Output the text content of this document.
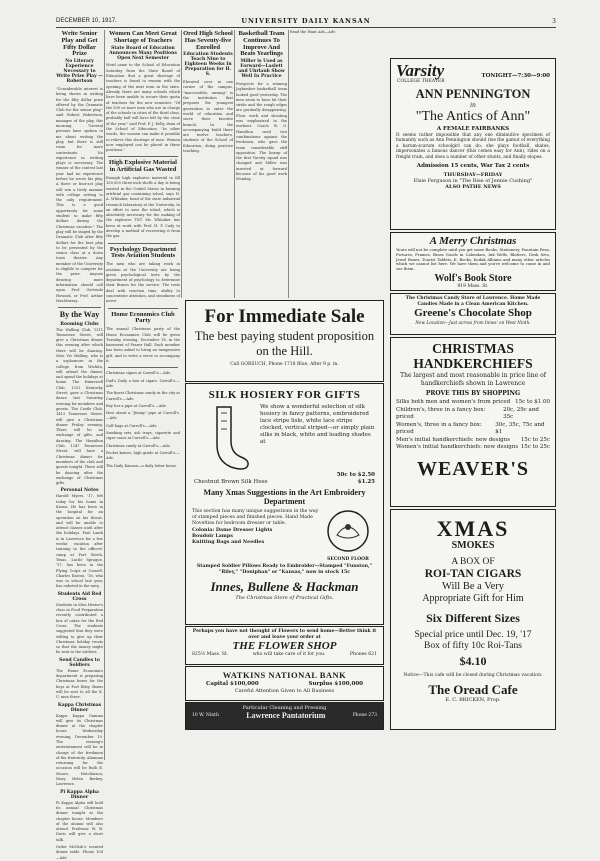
DECEMBER 10, 1917.	UNIVERSITY DAILY KANSAN	3
Write Senior Play and Get Fifty Dollar Prize
No Literary Experience Necessary to Write Prize Play —Robertson

"Considerable interest is being shown in writing for the fifty dollar prize offered by the Dramatic Club for the senior play," said Robert Robertson, manager of the play, this morning. "Several persons have spoken to me about writing the play, but there is still room for more contestants. No experience in writing plays is necessary. The winner of the contest last year had no experience before he wrote his play. A three or four-act play will win a lively manner with college setting to the only requirement. This is a good opportunity for some student to make fifty dollars during the Christmas vacation." The play will be staged by the Dramatic Club after fifty dollars for the best play to be presented by the senior class at a down town theater. Any member of the University is eligible to compete for the prize. Anyone desiring more information should call upon Prof. Gertrude Howard, or Prof. Arthur MacMurray.

By the Way
Rooming Clubs

The Walling Club, 1311 Tennessee Street, will give a Christmas dinner this evening after which there will be dancing. Miss Viv Walling, who is a sophomore in the college, from Wichita, will attend the dinner, and spend the holidays at home. The Hinnewell Club, 1312 Kentucky Street, gave a Christmas dance last Saturday evening for members and guests. The Castle Club, 1413 Tennessee Street, will give a Christmas dinner Friday evening. There will be an exchange of gifts, and dancing. The Hamilton Club, 1247 Tennessee Street, will have a Christmas dinner for members of the club and guests tonight. There will be dancing after the exchange of Christmas gifts.

Personal Notes

Harold Myers, '17, left today for his home in Kiowa. He has been in the hospital for an operation on his throat, and will be unable to attend classes until after the holidays. Paul Lamb is in Lawrence for a few weeks' vacation after training in the officers' camp at Fort Worth, Texas. Lucile Sprague, '17, has been in the Flying Corps at Cornell. Charles Easton, '18, who was in school last year, has enlisted in the navy.

Students Aid Red Cross

Students in Miss Hester's class in Food Preparation recently contributed a box of cakes for the Red Cross. The students suggested that they were willing to give up their Christmas holiday treats so that the money might be sent to the soldiers.

Send Candies to Soldiers

The Home Economics department is preparing Christmas boxes for the boys at Fort Riley. Boxes will be sent to all the K. U. men there.

Kappa Christmas Dinner

Kappa Kappa Gamma will give its Christmas dinner at the chapter house Wednesday evening, December 19. The evening's entertainment will be in charge of the freshmen of the fraternity. Alumnae returning for the occasion will be Ruth E. Moore, Hutchinson; Mary Helen Berkey, Lawrence.

Pi Kappa Alpha Dinner

Pi Kappa Alpha will hold its annual Christmas dinner tonight at the chapter house. Members of the alumni will also attend. Professor W. W. Davis will give a short talk.

Order McNish's scented dinner table. Phone 108—Adv.

Women Can Meet Great Shortage of Teachers
State Board of Education Announces Many Positions Open Next Semester

Word came to the School of Education Saturday from the State Board of Education that a great shortage of teachers is found to remain with the opening of the next term in the state. Already there are many schools which have been unable to secure their quota of teachers for the new semester. "Of the 500 or more men who are in charge of the schools in cities of the third class, probably half will have left by the close of the year," said Prof. F. J. Kelly, dean of the School of Education. "In other words, the women can make it possible to relieve this shortage of men. Women now employed can be placed in these positions."

High Explosive Material in Artificial Gas Wasted

Enough high explosive material to fill 150,000 three-inch shells a day is being wasted in the United States in burning artificial gas containing toluol, says H. A. Whitaker, head of the state industrial research laboratory at the University. In an effort to save the toluol, which is absolutely necessary for the making of the explosive TNT, Mr. Whitaker has been at work with Prof. H. P. Cady to develop a method of recovering it from the gas.

Psychology Department Tests Aviation Students

The men who are taking work in aviation at the University are being given psychological tests by the department of psychology to determine their fitness for the service. The tests deal with reaction time, ability to concentrate attention, and steadiness of nerve.

Home Economics Club Party

The annual Christmas party of the Home Economics Club will be given Tuesday evening, December 18, in the basement of Fraser Hall. Each member has been asked to bring an inexpensive gift, and to write a verse to accompany it.

Christmas cigars at Carroll's.—Adv.

Dad's Daily a box of cigars. Carroll's.—Adv.

The finest Christmas candy in the city at Carroll's.—Adv.

Buy her a pipe at Carroll's.—Adv.

How about a "Jimmy" pipe at Carroll's.—Adv.

Golf bags at Carroll's.—Adv.

Smoking sets, ash trays, cigarette and cigar cases at Carroll's.—Adv.

Christmas candy at Carroll's.—Adv.

Pocket knives, high grade at Carroll's.—Adv.

The Daily Kansan—a daily letter home.

Ored High School Has Seventy-five Enrolled
Education Students Teach Nine to Eighteen Weeks In Preparation for H. S.

Elevated over in one corner of the campus, "inaccessible, unsung" is the institution that prepares the youngest generation to enter the world of education and serve their favorite branch. In the accompanying build there are twelve teachers, students of the School of Education, doing practice teaching.

Basketball Team Continues To Improve And Beats Yearlings
Miller is Used as Forward—Laslett and Uhrlaub Show Well In Practice

Prospects for a winning Jayhawker basketball team looked good yesterday. The men seem to have hit their stride and the rough edges are gradually disappearing. Floor work and shooting was emphasized in the workout. Coach W. O. Hamilton used two combinations against the freshmen, who gave the team considerable stiff opposition. The lineup of the first Varsity squad was changed and Miller was inserted at forward because of his good work Monday.

Read the Want Ads—Adv.

For Immediate Sale
The best paying student proposition on the Hill.
Call GORSUCH, Phone 1718 Blue, After 9 p. m.
SILK HOSIERY FOR GIFTS
We show a wonderful selection of silk hosiery in fancy patterns, embroidered lace stripe lisle, white lace stripe clocked, vertical striped—or simply plain silks in black, white and leading shades at
50c to $2.50
Chestnut Brown Silk Hose	$1.25
Many Xmas Suggestions in the Art Embroidery Department
This section has many unique suggestions in the way of stamped pieces and finished pieces. Hand Made Novelties for bedroom dresser or table.
Colonia: Dame Dresser Lights
Boudoir Lamps
Knitting Bags and Needles
SECOND FLOOR
Stamped Soldier Pillows Ready to Embroider—Stamped "Funston," "Riley," "Doniphan" or "Kansas," now in stock 15c
Innes, Bullene & Hackman
The Christmas Store of Practical Gifts.
Perhaps you have not thought of Flowers to send home—Better think it over and leave your order at
THE FLOWER SHOP
825½ Mass. St.	who will take care of it for you.	Phones 621
WATKINS NATIONAL BANK
Capital $100,000	Surplus $100,000
Careful Attention Given to All Business
Particular Cleaning and Pressing
10 W. Ninth	Lawrence Pantatorium	Phone 273
Varsity	TONIGHT—7:30—9:00
COLLEGE THEATER
ANN PENNINGTON
in
"The Antics of Ann"
A FEMALE FAIRBANKS
It seems rather impossible that any one diminutive specimen of humanity such as Ann Pennington should rise the gamut of everything a harum-scarum schoolgirl can do; she plays football, skates, impersonates a famous dancer (this comes easy for Ann), rides on a freight train, and does a number of other stunts, and finally elopes.
Admission 15 cents, War Tax 2 cents
THURSDAY—FRIDAY
Elsie Ferguson in "The Rise of Jennie Cushing"
ALSO PATHE NEWS
A Merry Christmas
Yours will not be complete until you get some Books, Stationery, Fountain Pens, Pictures, Frames, Brass Goods in Calendars, Ink Wells, Blotters, Desk Sets, Jewel Boxes, Tourist Tablets, K. Books, Kodak Albums and many other articles which we cannot list here. We have them and you're welcome to come in and see them.
Wolf's Book Store
919 Mass. St.
The Christmas Candy Store of Lawrence. Home Made Candies Made in a Clean American Kitchen.
Greene's Chocolate Shop
New Location—Just across from Innes' on West Ninth.
CHRISTMAS HANDKERCHIEFS
The largest and most reasonable in price line of handkerchiefs shown in Lawrence
PROVE THIS BY SHOPPING
Silks both men and women's from priced 15c to $1.00
Children's, three in a fancy box: priced
20c, 29c and 35c
Women's, three in a fancy box: priced
30c, 35c, 75c and $1
Men's initial handkerchiefs: new designs 15c to 25c
Women's initial handkerchiefs: new designs 15c to 25c
WEAVER'S
XMAS
SMOKES
A BOX OF
ROI-TAN CIGARS
Will Be a Very
Appropriate Gift for Him
Six Different Sizes
Special price until Dec. 19, '17
Box of fifty 10c Roi-Tans
$4.10
Notice—This cafe will be closed during Christmas vacation.
The Oread Cafe
E. C. BRICKEN, Prop.
